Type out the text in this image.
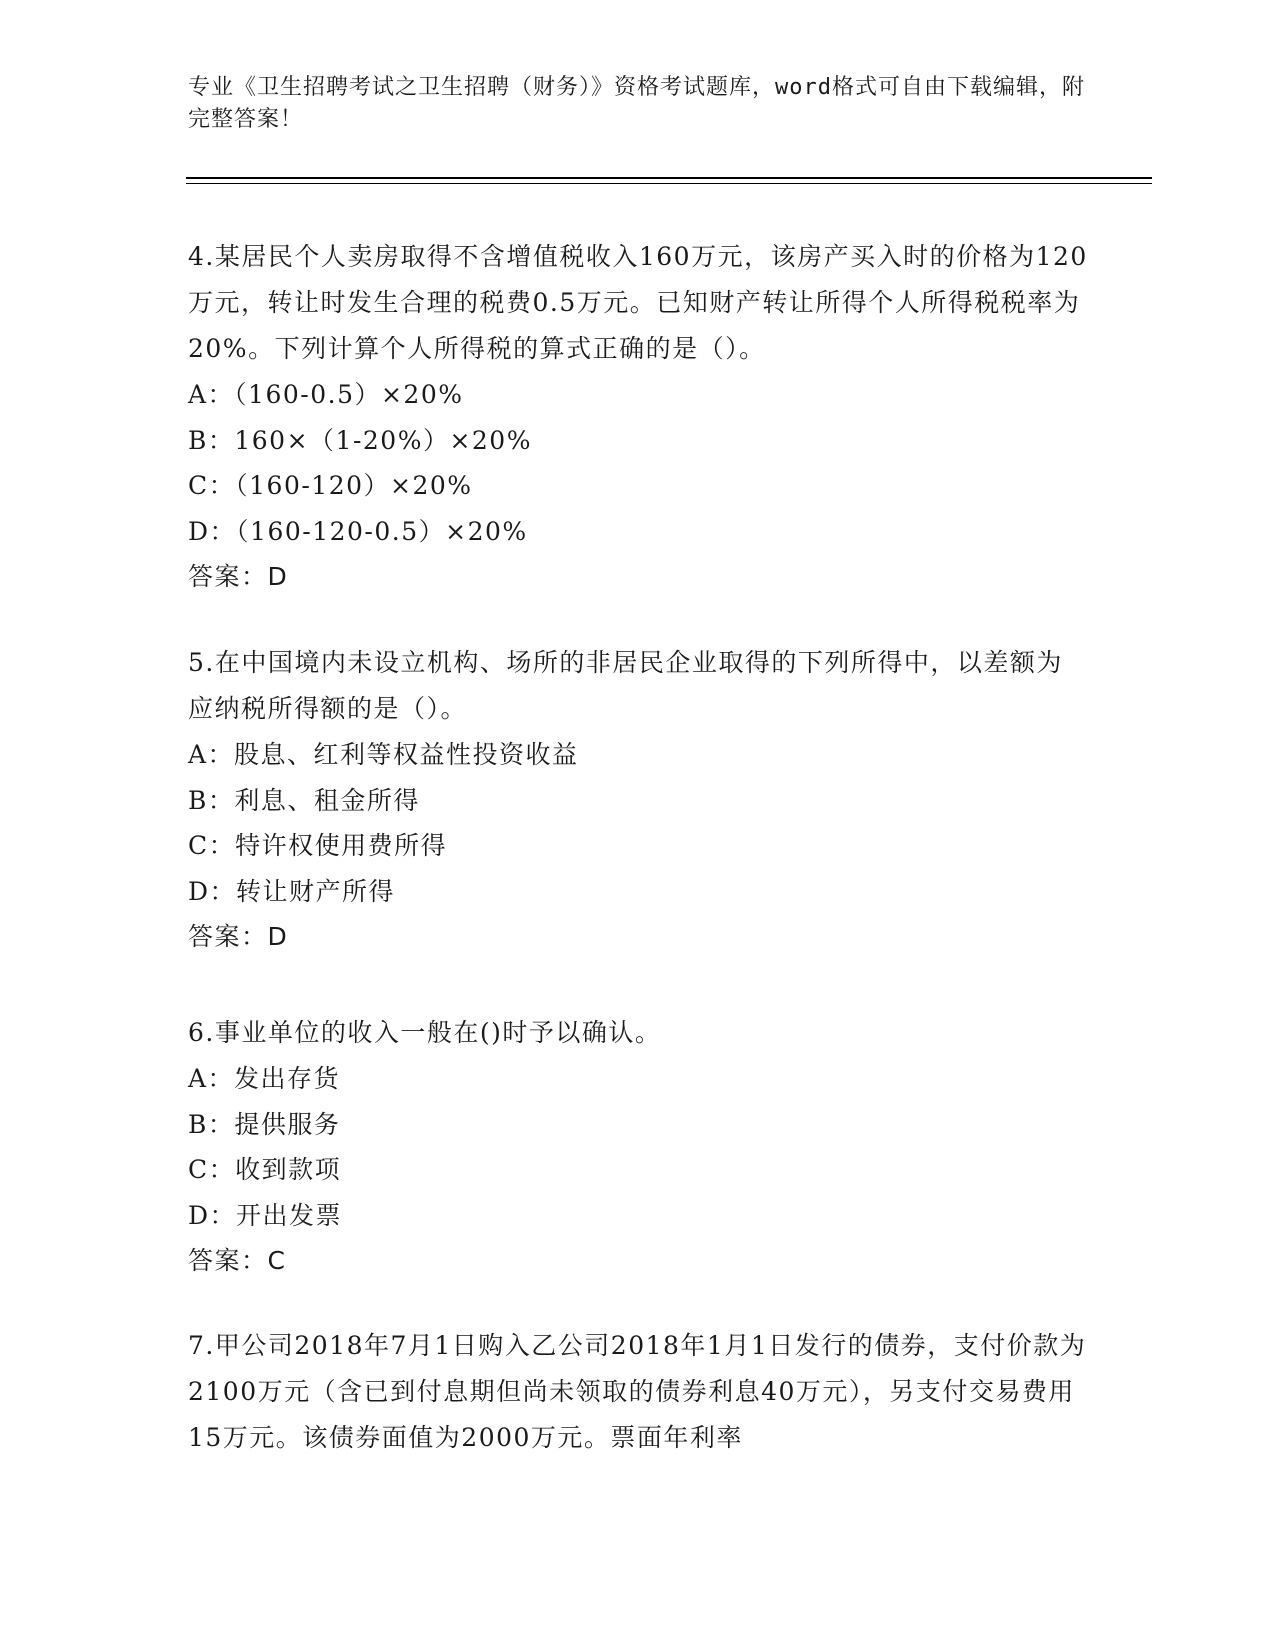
专业《卫生招聘考试之卫生招聘（财务）》资格考试题库，word格式可自由下载编辑，附完整答案！
4.某居民个人卖房取得不含增值税收入160万元，该房产买入时的价格为120万元，转让时发生合理的税费0.5万元。已知财产转让所得个人所得税税率为20%。下列计算个人所得税的算式正确的是（）。
A：（160-0.5）×20%
B：160×（1-20%）×20%
C：（160-120）×20%
D：（160-120-0.5）×20%
答案：D
5.在中国境内未设立机构、场所的非居民企业取得的下列所得中，以差额为应纳税所得额的是（）。
A：股息、红利等权益性投资收益
B：利息、租金所得
C：特许权使用费所得
D：转让财产所得
答案：D
6.事业单位的收入一般在()时予以确认。
A：发出存货
B：提供服务
C：收到款项
D：开出发票
答案：C
7.甲公司2018年7月1日购入乙公司2018年1月1日发行的债券，支付价款为2100万元（含已到付息期但尚未领取的债券利息40万元），另支付交易费用15万元。该债券面值为2000万元。票面年利率
